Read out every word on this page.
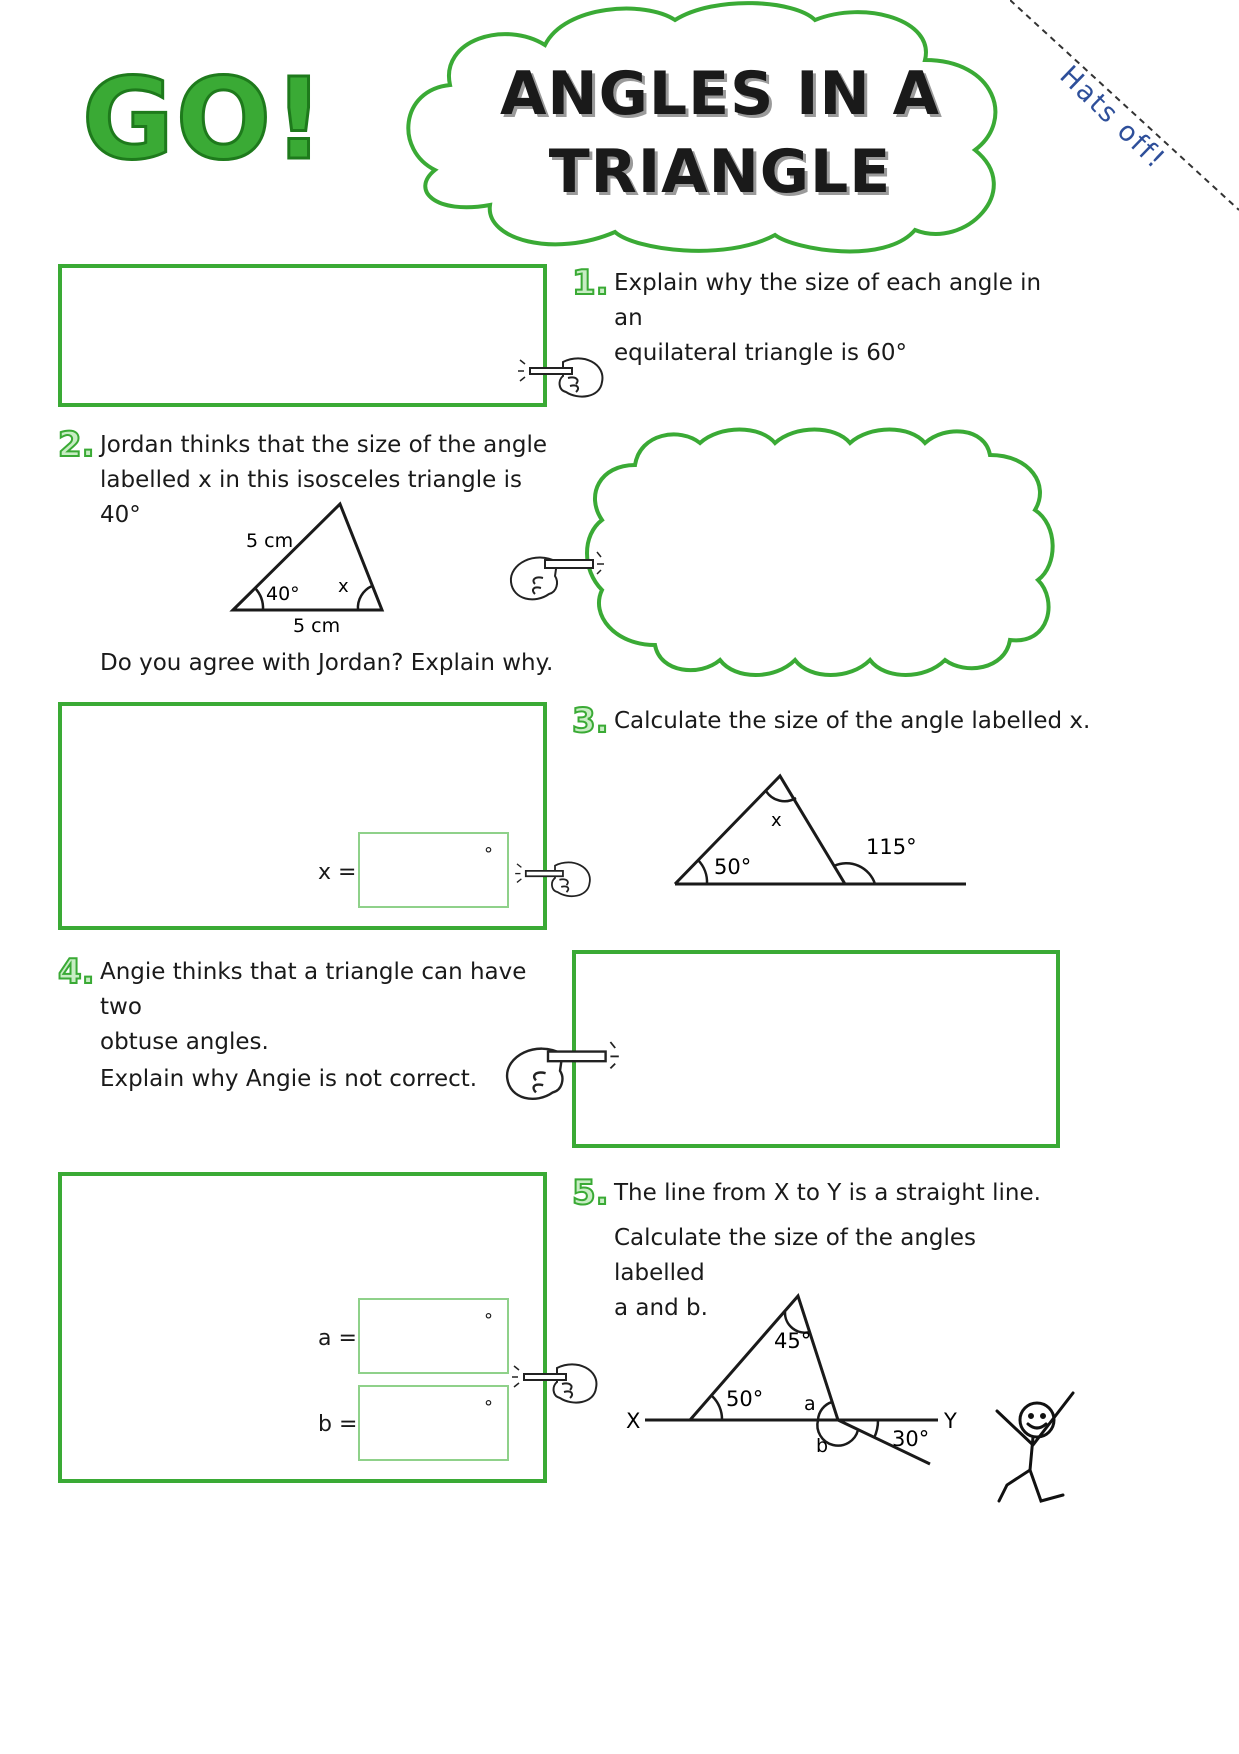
GO!	ANGLES IN A
TRIANGLE	Hats off!
1. Explain why the size of each angle in an
equilateral triangle is 60°
2. Jordan thinks that the size of the angle
labelled x in this isosceles triangle is 40°
5 cm
5 cm
40° x
Do you agree with Jordan? Explain why.
x =
°
3. Calculate the size of the angle labelled x.
50°
x
115°
4. Angie thinks that a triangle can have two
obtuse angles.
Explain why Angie is not correct.
a =
°
b =
°
5. The line from X to Y is a straight line.
Calculate the size of the angles labelled
a and b.
X	Y
45°
50° a
b	30°
